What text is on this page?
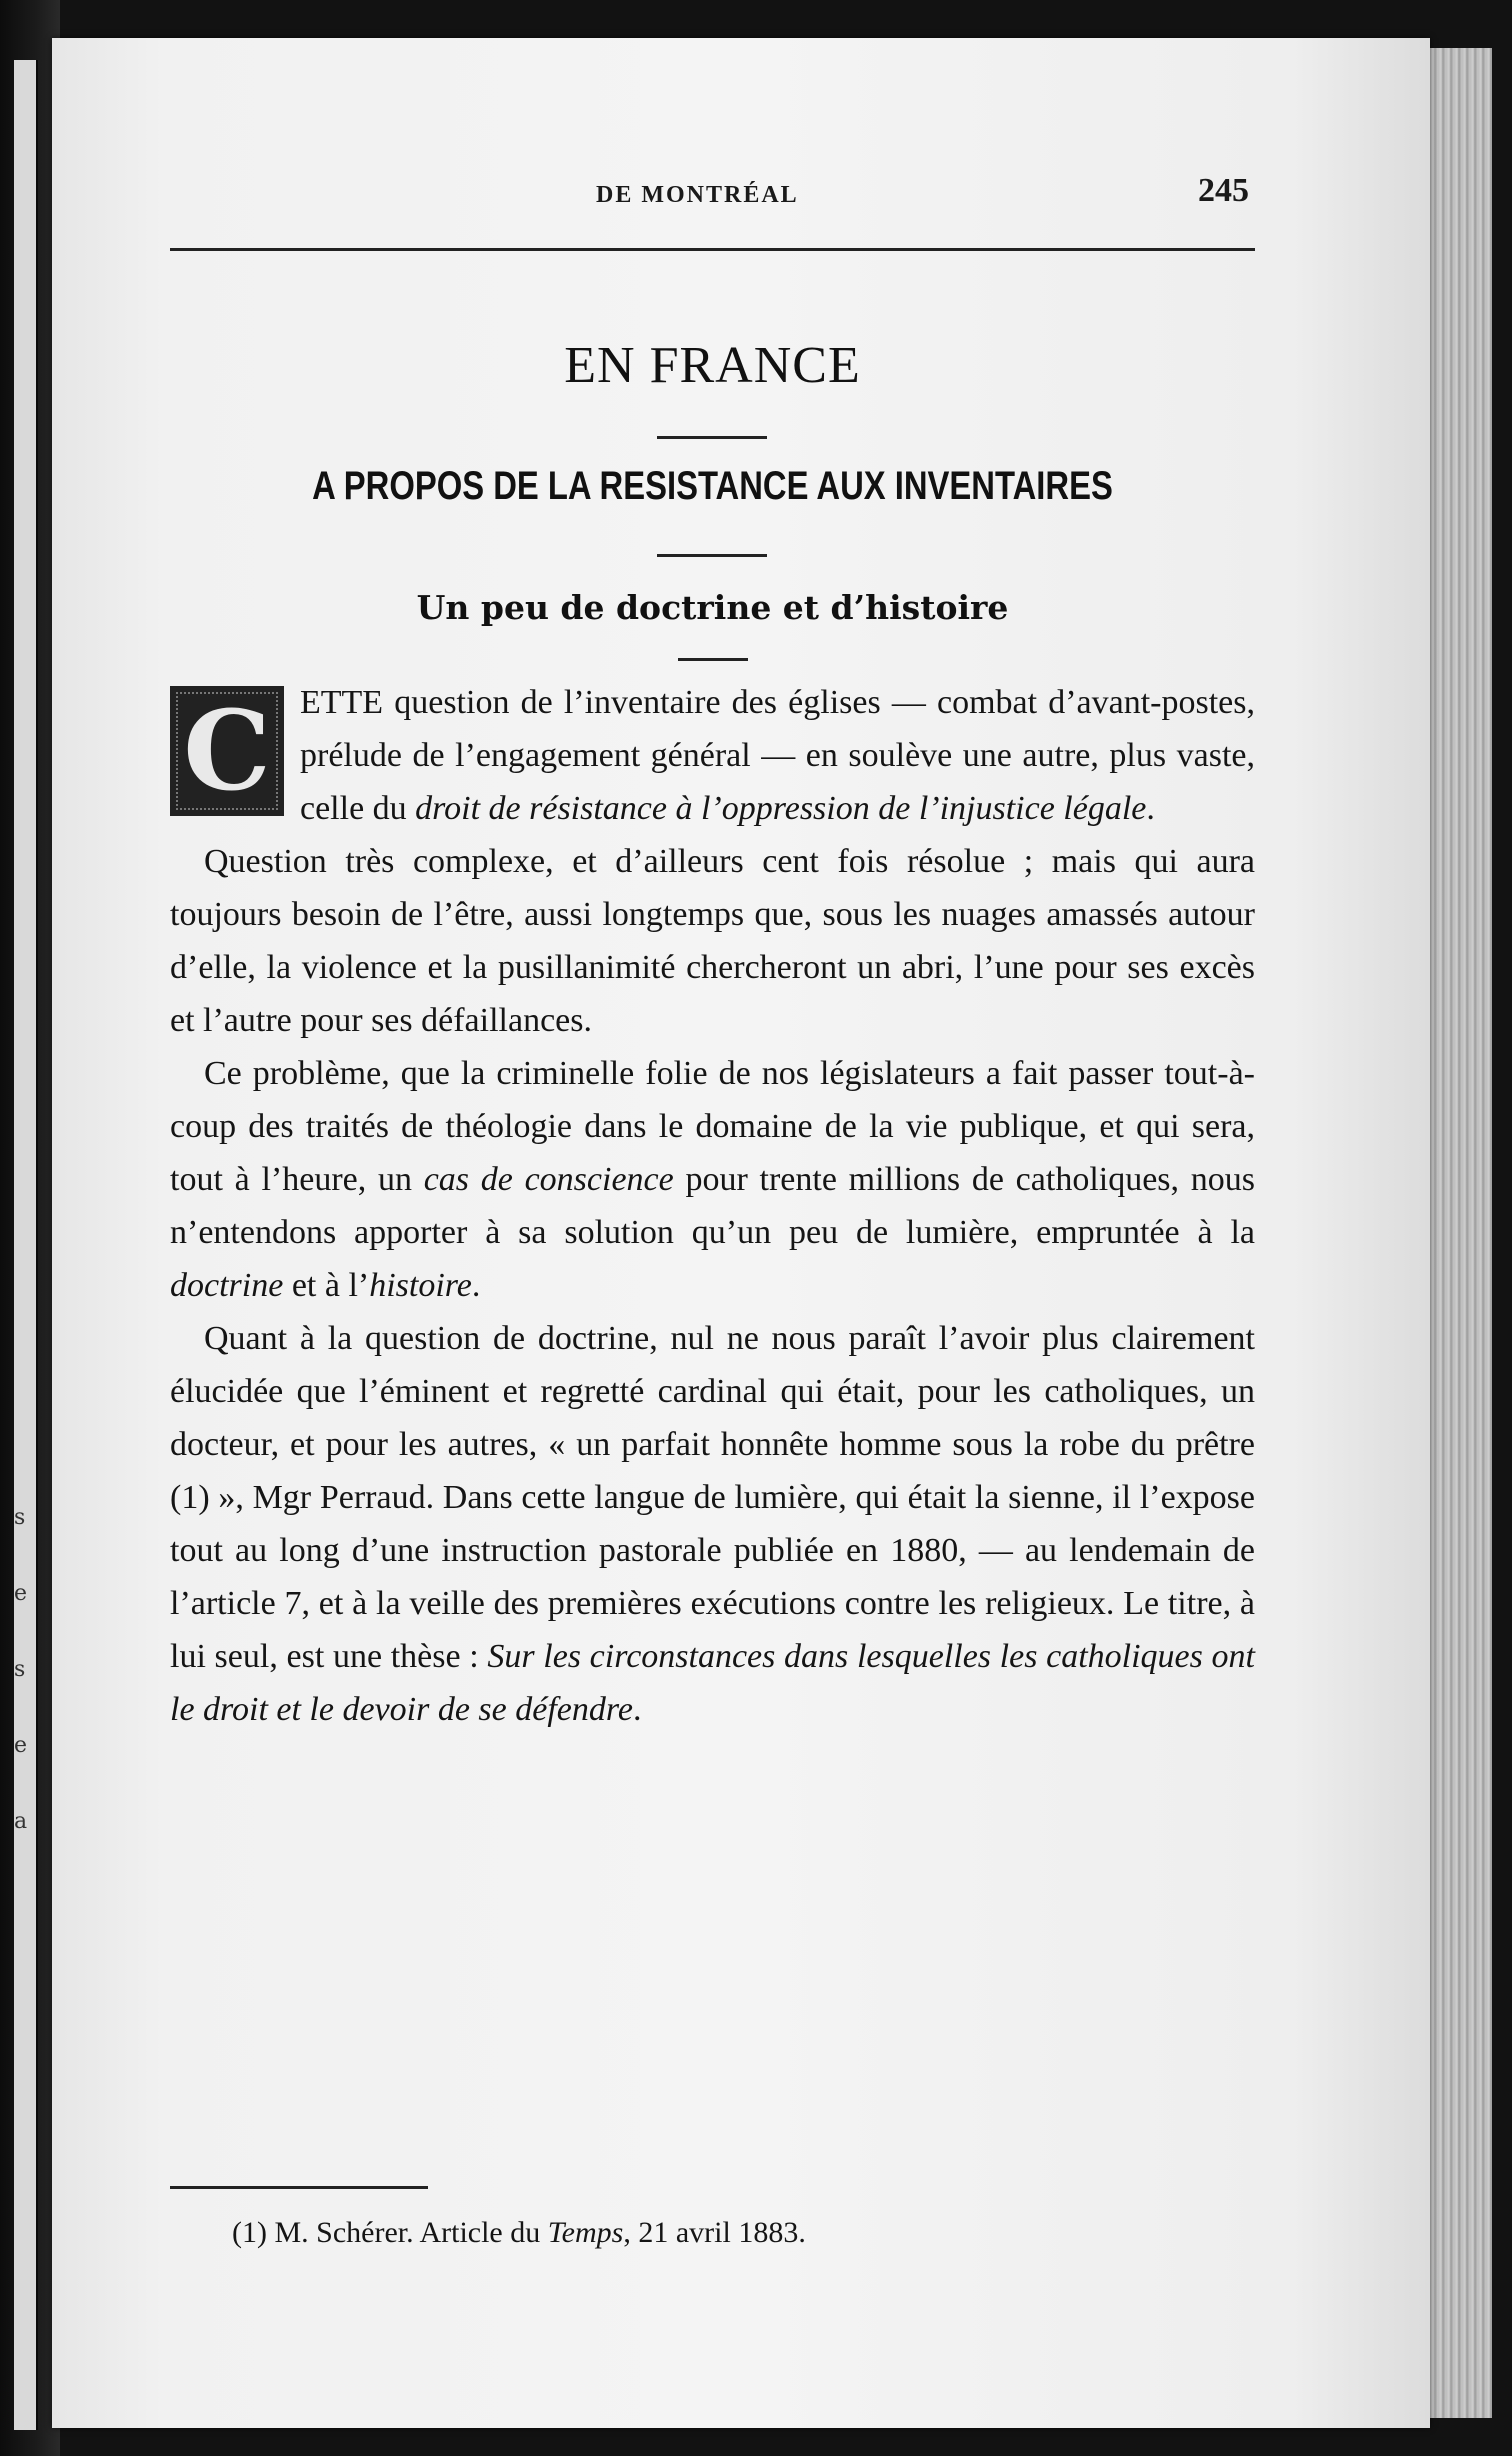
s
e
s
e
a
DE MONTRÉAL	245
EN FRANCE
A PROPOS DE LA RESISTANCE AUX INVENTAIRES
Un peu de doctrine et d’histoire

C ETTE question de l’inventaire des églises — combat d’avant-postes, prélude de l’engagement général — en soulève une autre, plus vaste, celle du droit de résistance à l’oppression de l’injustice légale.

Question très complexe, et d’ailleurs cent fois résolue ; mais qui aura toujours besoin de l’être, aussi longtemps que, sous les nuages amassés autour d’elle, la violence et la pusillanimité chercheront un abri, l’une pour ses excès et l’autre pour ses défaillances.

Ce problème, que la criminelle folie de nos législateurs a fait passer tout-à-coup des traités de théologie dans le domaine de la vie publique, et qui sera, tout à l’heure, un cas de conscience pour trente millions de catholiques, nous n’entendons apporter à sa solution qu’un peu de lumière, empruntée à la doctrine et à l’histoire.

Quant à la question de doctrine, nul ne nous paraît l’avoir plus clairement élucidée que l’éminent et regretté cardinal qui était, pour les catholiques, un docteur, et pour les autres, « un parfait honnête homme sous la robe du prêtre (1) », Mgr Perraud. Dans cette langue de lumière, qui était la sienne, il l’expose tout au long d’une instruction pastorale publiée en 1880, — au lendemain de l’article 7, et à la veille des premières exécutions contre les religieux. Le titre, à lui seul, est une thèse : Sur les circonstances dans lesquelles les catholiques ont le droit et le devoir de se défendre.

(1) M. Schérer. Article du Temps, 21 avril 1883.
